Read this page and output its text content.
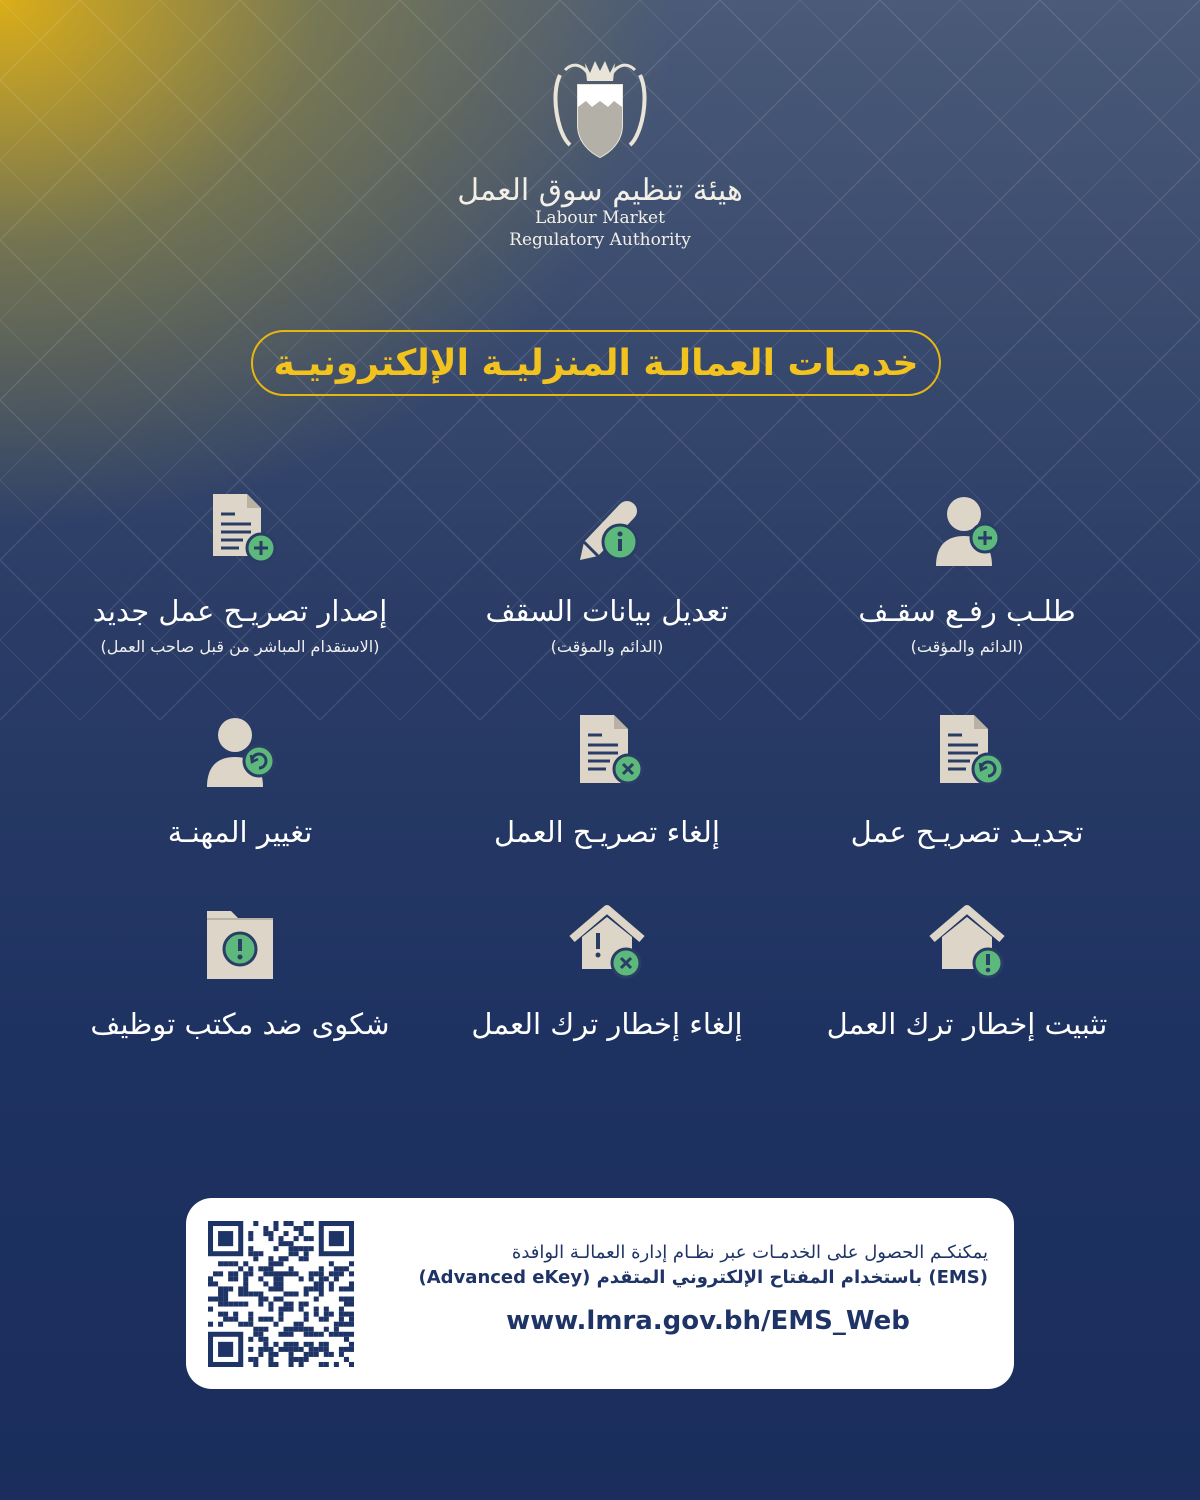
هيئة تنظيم سوق العمل
Labour Market
Regulatory Authority
خدمـات العمالـة المنزليـة الإلكترونيـة
طلـب رفـع سقـف
(الدائم والمؤقت)
تعديل بيانات السقف
(الدائم والمؤقت)
إصدار تصريـح عمل جديد
(الاستقدام المباشر من قبل صاحب العمل)
تجديـد تصريـح عمل
إلغاء تصريـح العمل
تغيير المهنـة
تثبيت إخطار ترك العمل
إلغاء إخطار ترك العمل
شكوى ضد مكتب توظيف
يمكنكـم الحصول على الخدمـات عبر نظـام إدارة العمالـة الوافدة
(EMS) باستخدام المفتاح الإلكتروني المتقدم (Advanced eKey)
www.lmra.gov.bh/EMS_Web
